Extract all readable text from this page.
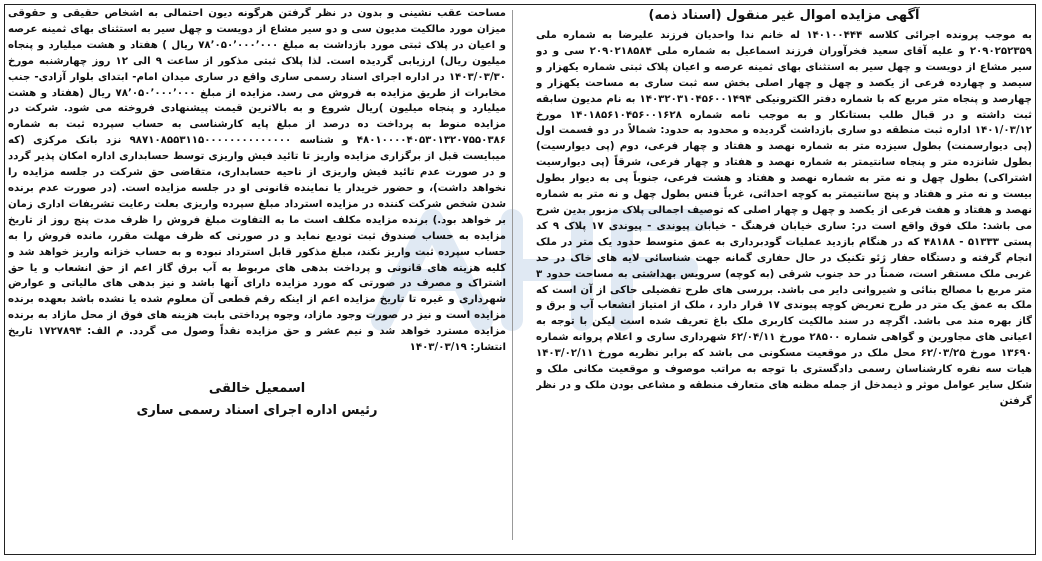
آگهی مزایده اموال غیر منقول (اسناد ذمه)

به موجب پرونده اجرائی کلاسه ۱۴۰۱۰۰۴۴۴ له خانم ندا واحدیان فرزند علیرضا به شماره ملی ۲۰۹۰۲۵۲۳۵۹ و علیه آقای سعید فخرآوران فرزند اسماعیل به شماره ملی ۲۰۹۰۲۱۸۵۸۴ سی و دو سیر مشاع از دویست و چهل سیر به استثنای بهای ثمینه عرصه و اعیان پلاک ثبتی شماره یکهزار و سیصد و چهارده فرعی از یکصد و چهل و چهار اصلی بخش سه ثبت ساری به مساحت یکهزار و چهارصد و پنجاه متر مربع که با شماره دفتر الکترونیکی ۱۴۰۳۲۰۳۱۰۴۵۶۰۰۱۴۹۴ به نام مدیون سابقه ثبت داشته و در قبال طلب بستانکار و به موجب نامه شماره ۱۴۰۱۸۵۶۱۰۴۵۶۰۰۱۶۲۸ مورخ ۱۴۰۱/۰۳/۱۲ اداره ثبت منطقه دو ساری بازداشت گردیده و محدود به حدود: شمالاً در دو قسمت اول (پی دیوارسمنت) بطول سیزده متر به شماره نهصد و هفتاد و چهار فرعی، دوم (پی دیوارسیت) بطول شانزده متر و پنجاه سانتیمتر به شماره نهصد و هفتاد و چهار فرعی، شرقاً (پی دیوارسیت اشتراکی) بطول چهل و نه متر به شماره نهصد و هفتاد و هشت فرعی، جنوباً پی به دیوار بطول بیست و نه متر و هفتاد و پنج سانتیمتر به کوچه احداثی، غرباً فنس بطول چهل و نه متر به شماره نهصد و هفتاد و هفت فرعی از یکصد و چهل و چهار اصلی که توصیف اجمالی پلاک مزبور بدین شرح می باشد: ملک فوق واقع است در: ساری خیابان فرهنگ - خیابان پیوندی - پیوندی ۱۷ پلاک ۹ کد پستی ۵۱۳۳۳ - ۴۸۱۸۸ که در هنگام بازدید عملیات گودبرداری به عمق متوسط حدود یک متر در ملک انجام گرفته و دستگاه حفار ژئو تکنیک در حال حفاری گمانه جهت شناسائی لایه های خاک در حد غربی ملک مستقر است، ضمناً در حد جنوب شرقی (به کوچه) سرویس بهداشتی به مساحت حدود ۳ متر مربع با مصالح بنائی و شیروانی دایر می باشد. بررسی های طرح تفضیلی حاکی از آن است که ملک به عمق یک متر در طرح تعریض کوچه پیوندی ۱۷ قرار دارد ، ملک از امتیاز انشعاب آب و برق و گاز بهره مند می باشد. اگرچه در سند مالکیت کاربری ملک باغ تعریف شده است لیکن با توجه به اعیانی های مجاورین و گواهی شماره ۲۸۵۰۰ مورخ ۶۲/۰۴/۱۱ شهرداری ساری و اعلام پروانه شماره ۱۳۶۹۰ مورخ ۶۲/۰۳/۲۵ محل ملک در موقعیت مسکونی می باشد که برابر نظریه مورخ ۱۴۰۳/۰۲/۱۱ هیات سه نفره کارشناسان رسمی دادگستری با توجه به مراتب موصوف و موقعیت مکانی ملک و شکل سایر عوامل موثر و ذیمدخل از جمله مظنه های متعارف منطقه و مشاعی بودن ملک و در نظر گرفتن

مساحت عقب نشینی و بدون در نظر گرفتن هرگونه دیون احتمالی به اشخاص حقیقی و حقوقی میزان مورد مالکیت مدیون سی و دو سیر مشاع از دویست و چهل سیر به استثنای بهای ثمینه عرصه و اعیان در پلاک ثبتی مورد بازداشت به مبلغ ۷۸٬۰۵۰٬۰۰۰٬۰۰۰ ریال ) هفتاد و هشت میلیارد و پنجاه میلیون ریال) ارزیابی گردیده است. لذا پلاک ثبتی مذکور از ساعت ۹ الی ۱۲ روز چهارشنبه مورخ ۱۴۰۳/۰۳/۳۰ در اداره اجرای اسناد رسمی ساری واقع در ساری میدان امام- ابتدای بلوار آزادی- جنب مخابرات از طریق مزایده به فروش می رسد. مزایده از مبلغ ۷۸٬۰۵۰٬۰۰۰٬۰۰۰ ریال (هفتاد و هشت میلیارد و پنجاه میلیون )ریال شروع و به بالاترین قیمت پیشنهادی فروخته می شود. شرکت در مزایده منوط به پرداخت ده درصد از مبلغ پایه کارشناسی به حساب سپرده ثبت به شماره ۴۸۰۱۰۰۰۰۴۰۵۳۰۱۳۲۰۷۵۵۰۳۸۶ و شناسه ۹۸۷۱۰۸۵۵۳۱۱۵۰۰۰۰۰۰۰۰۰۰۰۰۰۰ نزد بانک مرکزی (که میبایست قبل از برگزاری مزایده واریز تا تائید فیش واریزی توسط حسابداری اداره امکان پذیر گردد و در صورت عدم تائید فیش واریزی از ناحیه حسابداری، متقاضی حق شرکت در جلسه مزایده را نخواهد داشت)، و حضور خریدار یا نماینده قانونی او در جلسه مزایده است. (در صورت عدم برنده شدن شخص شرکت کننده در مزایده استرداد مبلغ سپرده واریزی بعلت رعایت تشریفات اداری زمان بر خواهد بود.) برنده مزایده مکلف است ما به التفاوت مبلغ فروش را ظرف مدت پنج روز از تاریخ مزایده به حساب صندوق ثبت تودیع نماید و در صورتی که ظرف مهلت مقرر، مانده فروش را به حساب سپرده ثبت واریز نکند، مبلغ مذکور قابل استرداد نبوده و به حساب خزانه واریز خواهد شد و کلیه هزینه های قانونی و پرداخت بدهی های مربوط به آب برق گاز اعم از حق انشعاب و یا حق اشتراک و مصرف در صورتی که مورد مزایده دارای آنها باشد و نیز بدهی های مالیاتی و عوارض شهرداری و غیره تا تاریخ مزایده اعم از اینکه رقم قطعی آن معلوم شده یا نشده باشد بعهده برنده مزایده است و نیز در صورت وجود مازاد، وجوه پرداختی بابت هزینه های فوق از محل مازاد به برنده مزایده مسترد خواهد شد و نیم عشر و حق مزایده نقداً وصول می گردد. م الف: ۱۷۲۷۸۹۴ تاریخ انتشار: ۱۴۰۳/۰۳/۱۹

اسمعیل خالقی
رئیس اداره اجرای اسناد رسمی ساری
